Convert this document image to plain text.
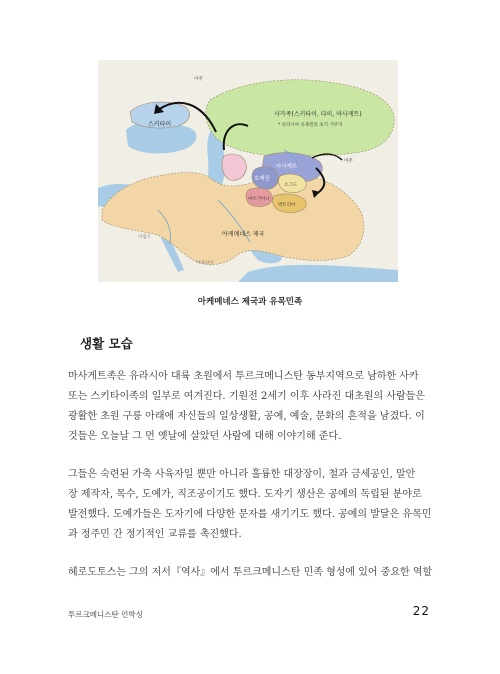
이주
스키타이
사카족(스키타이, 다히, 마사게트)
* 유라시아 유목민의 초기 거주지
마사게트
이주
호레즘
소그드
마르기아나
박트리아
아케메네스 제국
이집트
아라비아
아케메네스 제국과 유목민족
생활 모습
마사게트족은 유라시아 대륙 초원에서 투르크메니스탄 동부지역으로 남하한 사카
또는 스키타이족의 일부로 여겨진다. 기원전 2세기 이후 사라진 대초원의 사람들은
광활한 초원 구릉 아래에 자신들의 일상생활, 공예, 예술, 문화의 흔적을 남겼다. 이
것들은 오늘날 그 먼 옛날에 살았던 사람에 대해 이야기해 준다.
그들은 숙련된 가축 사육자일 뿐만 아니라 훌륭한 대장장이, 철과 금세공인, 말안
장 제작자, 목수, 도예가, 직조공이기도 했다. 도자기 생산은 공예의 독립된 분야로
발전했다. 도예가들은 도자기에 다양한 문자를 새기기도 했다. 공예의 발달은 유목민
과 정주민 간 정기적인 교류를 촉진했다.
헤로도토스는 그의 저서『역사』에서 투르크메니스탄 민족 형성에 있어 중요한 역할
투르크메니스탄 언박싱	22
